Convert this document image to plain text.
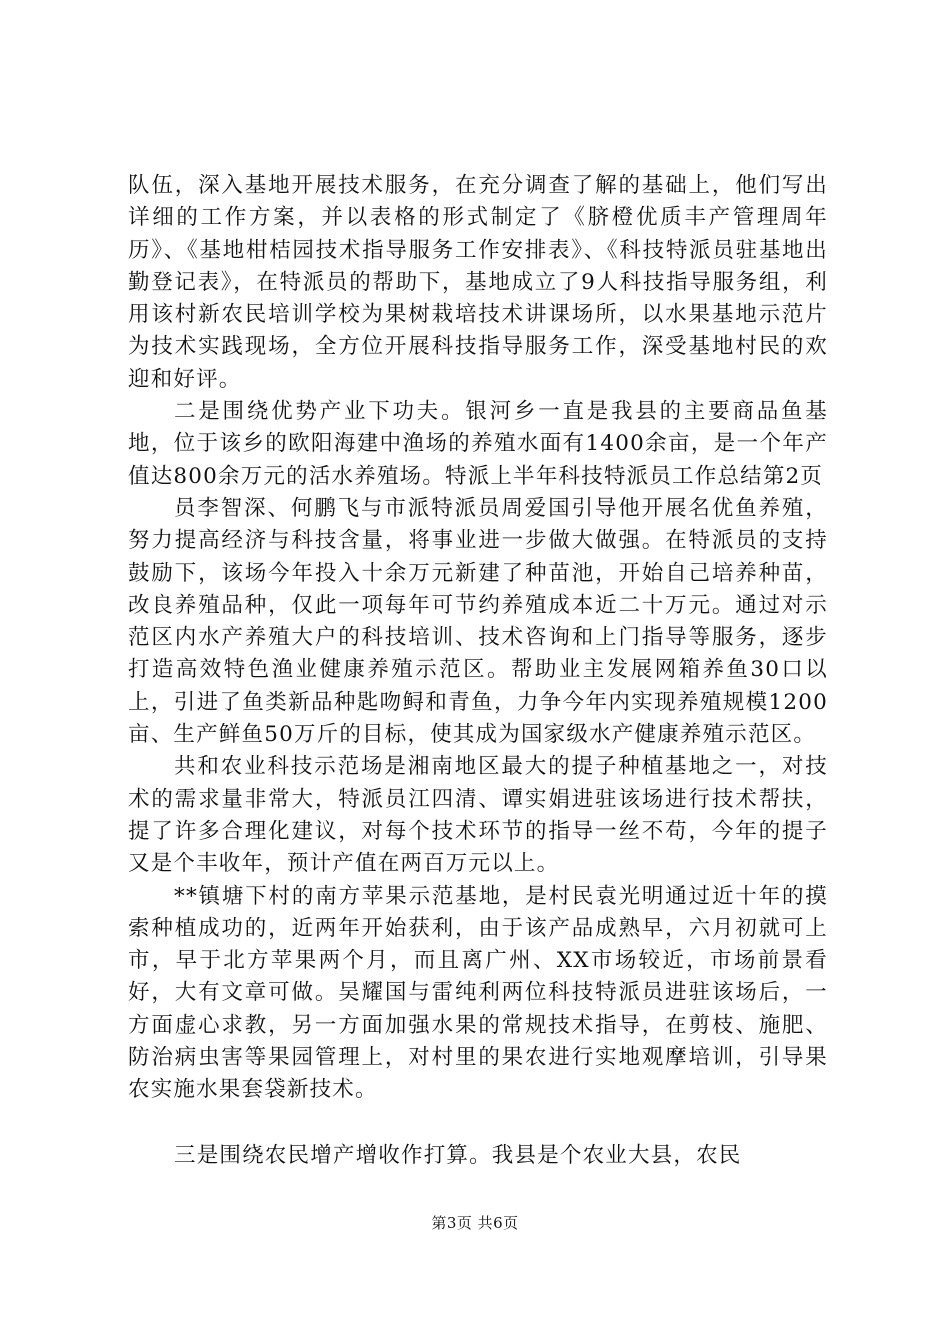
队伍，深入基地开展技术服务，在充分调查了解的基础上，他们写出详细的工作方案，并以表格的形式制定了《脐橙优质丰产管理周年历》、《基地柑桔园技术指导服务工作安排表》、《科技特派员驻基地出勤登记表》，在特派员的帮助下，基地成立了9人科技指导服务组，利用该村新农民培训学校为果树栽培技术讲课场所，以水果基地示范片为技术实践现场，全方位开展科技指导服务工作，深受基地村民的欢迎和好评。

二是围绕优势产业下功夫。银河乡一直是我县的主要商品鱼基地，位于该乡的欧阳海建中渔场的养殖水面有1400余亩，是一个年产值达800余万元的活水养殖场。特派上半年科技特派员工作总结第2页

员李智深、何鹏飞与市派特派员周爱国引导他开展名优鱼养殖，努力提高经济与科技含量，将事业进一步做大做强。在特派员的支持鼓励下，该场今年投入十余万元新建了种苗池，开始自己培养种苗，改良养殖品种，仅此一项每年可节约养殖成本近二十万元。通过对示范区内水产养殖大户的科技培训、技术咨询和上门指导等服务，逐步打造高效特色渔业健康养殖示范区。帮助业主发展网箱养鱼30口以上，引进了鱼类新品种匙吻鲟和青鱼，力争今年内实现养殖规模1200亩、生产鲜鱼50万斤的目标，使其成为国家级水产健康养殖示范区。

共和农业科技示范场是湘南地区最大的提子种植基地之一，对技术的需求量非常大，特派员江四清、谭实娟进驻该场进行技术帮扶，提了许多合理化建议，对每个技术环节的指导一丝不苟，今年的提子又是个丰收年，预计产值在两百万元以上。

**镇塘下村的南方苹果示范基地，是村民袁光明通过近十年的摸索种植成功的，近两年开始获利，由于该产品成熟早，六月初就可上市，早于北方苹果两个月，而且离广州、XX市场较近，市场前景看好，大有文章可做。吴耀国与雷纯利两位科技特派员进驻该场后，一方面虚心求教，另一方面加强水果的常规技术指导，在剪枝、施肥、防治病虫害等果园管理上，对村里的果农进行实地观摩培训，引导果农实施水果套袋新技术。

三是围绕农民增产增收作打算。我县是个农业大县，农民

第3页 共6页
